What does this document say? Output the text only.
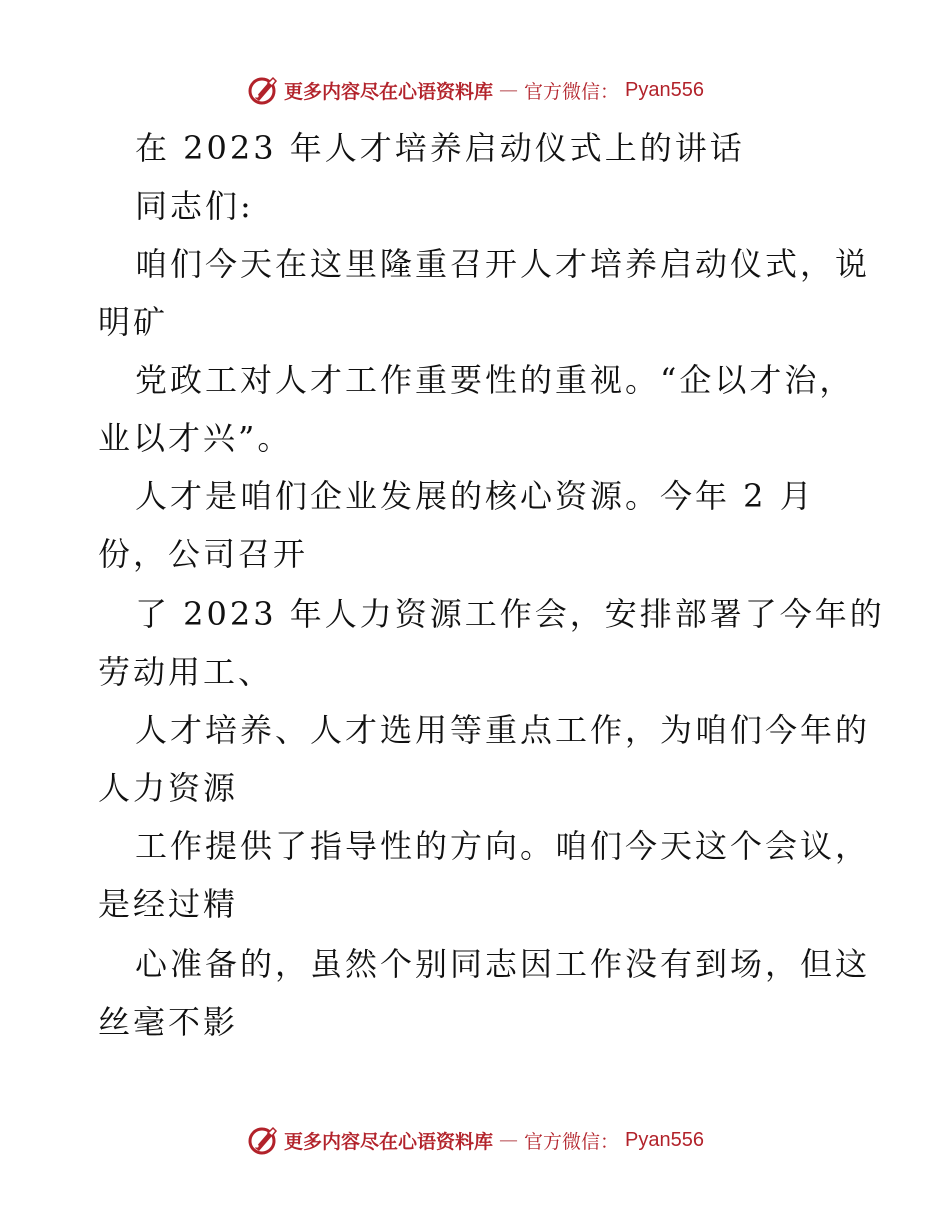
更多内容尽在心语资料库 — 官方微信： Pyan556
在 2023 年人才培养启动仪式上的讲话
同志们:
咱们今天在这里隆重召开人才培养启动仪式，说
明矿
党政工对人才工作重要性的重视。“企以才治，
业以才兴”。
人才是咱们企业发展的核心资源。今年 2 月
份，公司召开
了 2023 年人力资源工作会，安排部署了今年的
劳动用工、
人才培养、人才选用等重点工作，为咱们今年的
人力资源
工作提供了指导性的方向。咱们今天这个会议，
是经过精
心准备的，虽然个别同志因工作没有到场，但这
丝毫不影
更多内容尽在心语资料库 — 官方微信： Pyan556
